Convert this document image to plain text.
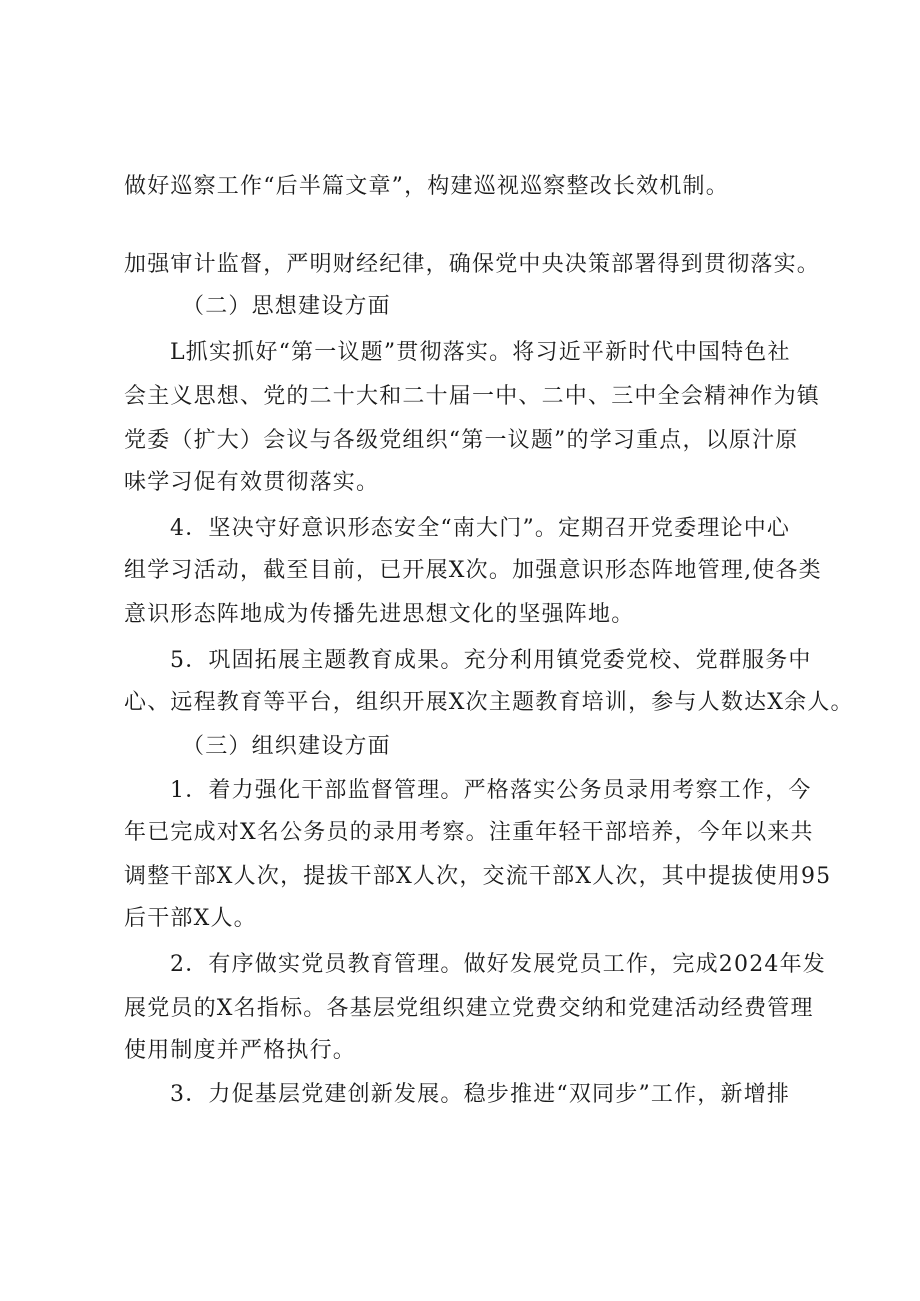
做好巡察工作“后半篇文章”，构建巡视巡察整改长效机制。
加强审计监督，严明财经纪律，确保党中央决策部署得到贯彻落实。
（二）思想建设方面
L抓实抓好“第一议题”贯彻落实。将习近平新时代中国特色社
会主义思想、党的二十大和二十届一中、二中、三中全会精神作为镇
党委（扩大）会议与各级党组织“第一议题”的学习重点，以原汁原
味学习促有效贯彻落实。
4．坚决守好意识形态安全“南大门”。定期召开党委理论中心
组学习活动，截至目前，已开展X次。加强意识形态阵地管理,使各类
意识形态阵地成为传播先进思想文化的坚强阵地。
5．巩固拓展主题教育成果。充分利用镇党委党校、党群服务中
心、远程教育等平台，组织开展X次主题教育培训，参与人数达X余人。
（三）组织建设方面
1．着力强化干部监督管理。严格落实公务员录用考察工作，今
年已完成对X名公务员的录用考察。注重年轻干部培养，今年以来共
调整干部X人次，提拔干部X人次，交流干部X人次，其中提拔使用95
后干部X人。
2．有序做实党员教育管理。做好发展党员工作，完成2024年发
展党员的X名指标。各基层党组织建立党费交纳和党建活动经费管理
使用制度并严格执行。
3．力促基层党建创新发展。稳步推进“双同步”工作，新增排
